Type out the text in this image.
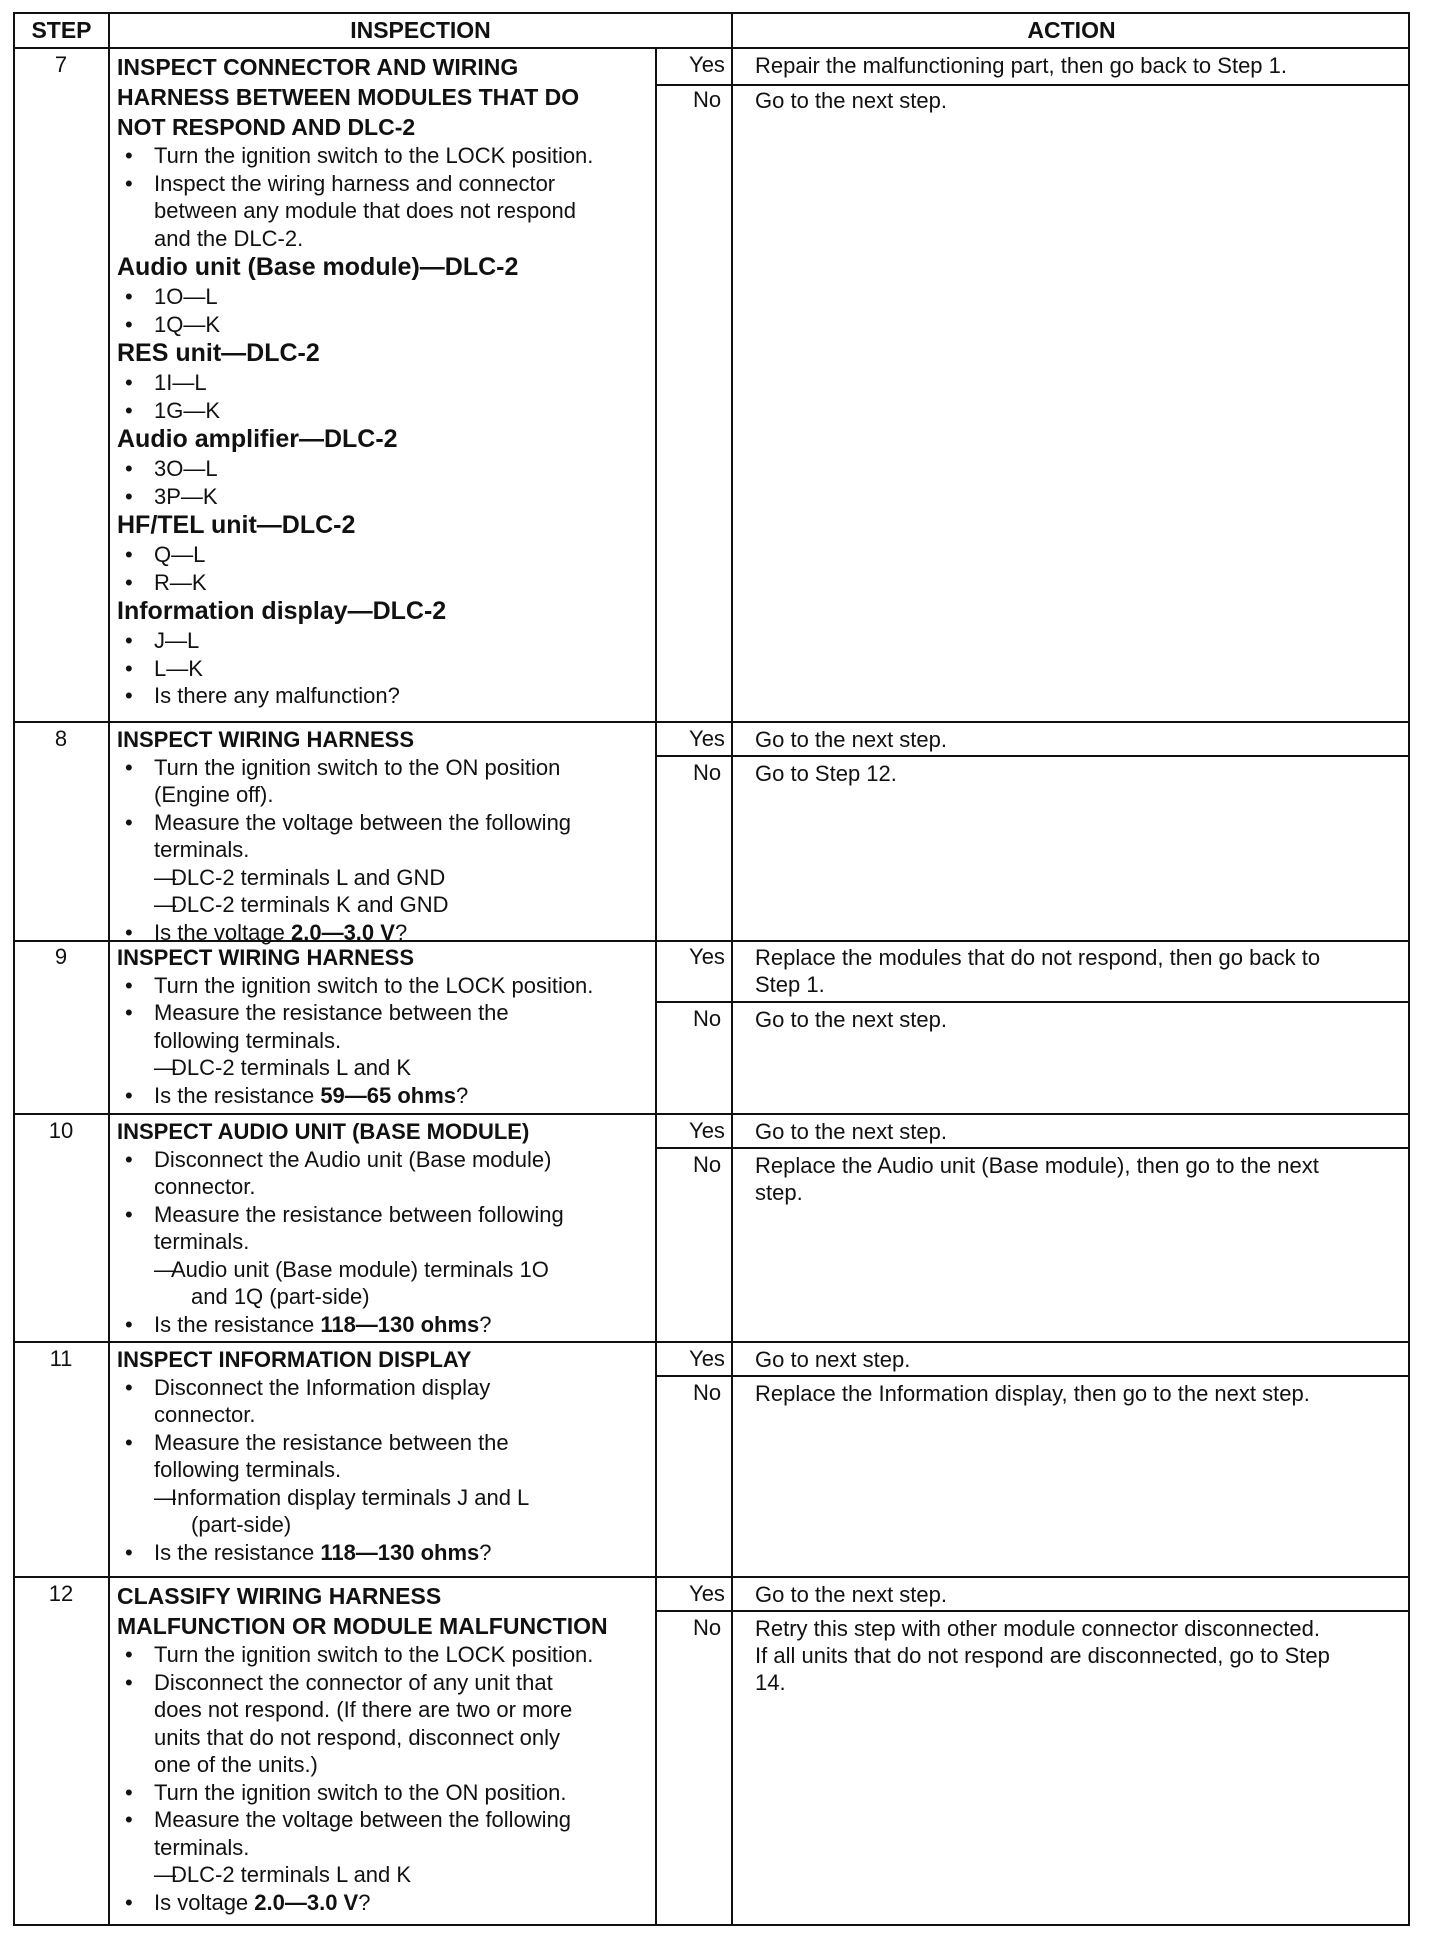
STEP	INSPECTION	ACTION
7	INSPECT CONNECTOR AND WIRING
HARNESS BETWEEN MODULES THAT DO
NOT RESPOND AND DLC-2
• Turn the ignition switch to the LOCK position.
• Inspect the wiring harness and connector
between any module that does not respond
and the DLC-2.
Audio unit (Base module)—DLC-2
• 1O—L
• 1Q—K
RES unit—DLC-2
• 1I—L
• 1G—K
Audio amplifier—DLC-2
• 3O—L
• 3P—K
HF/TEL unit—DLC-2
• Q—L
• R—K
Information display—DLC-2
• J—L
• L—K
• Is there any malfunction?
Yes	Repair the malfunctioning part, then go back to Step 1.
No	Go to the next step.
8	INSPECT WIRING HARNESS
• Turn the ignition switch to the ON position
(Engine off).
• Measure the voltage between the following
terminals.
—
DLC-2 terminals L and GND
—
DLC-2 terminals K and GND
• Is the voltage 2.0—3.0 V?
Yes	Go to the next step.
No	Go to Step 12.
9	INSPECT WIRING HARNESS
• Turn the ignition switch to the LOCK position.
• Measure the resistance between the
following terminals.
—
DLC-2 terminals L and K
• Is the resistance 59—65 ohms?
Yes	Replace the modules that do not respond, then go back to
Step 1.
No	Go to the next step.
10	INSPECT AUDIO UNIT (BASE MODULE)
• Disconnect the Audio unit (Base module)
connector.
• Measure the resistance between following
terminals.
—
Audio unit (Base module) terminals 1O
and 1Q (part-side)
• Is the resistance 118—130 ohms?
Yes	Go to the next step.
No	Replace the Audio unit (Base module), then go to the next
step.
11	INSPECT INFORMATION DISPLAY
• Disconnect the Information display
connector.
• Measure the resistance between the
following terminals.
—
Information display terminals J and L
(part-side)
• Is the resistance 118—130 ohms?
Yes	Go to next step.
No	Replace the Information display, then go to the next step.
12	CLASSIFY WIRING HARNESS
MALFUNCTION OR MODULE MALFUNCTION
• Turn the ignition switch to the LOCK position.
• Disconnect the connector of any unit that
does not respond. (If there are two or more
units that do not respond, disconnect only
one of the units.)
• Turn the ignition switch to the ON position.
• Measure the voltage between the following
terminals.
—
DLC-2 terminals L and K
• Is voltage 2.0—3.0 V?
Yes	Go to the next step.
No	Retry this step with other module connector disconnected.
If all units that do not respond are disconnected, go to Step
14.
